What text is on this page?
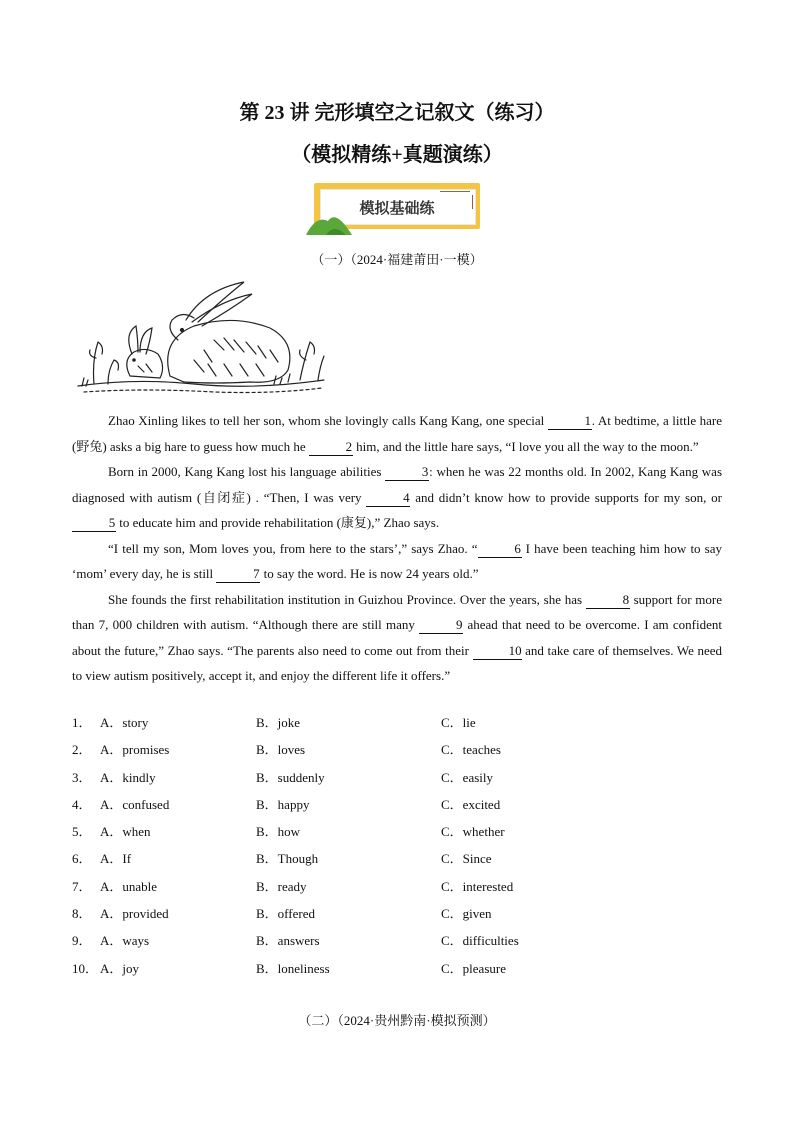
第 23 讲 完形填空之记叙文（练习）
（模拟精练+真题演练）
模拟基础练
（一）（2024·福建莆田·一模）

Zhao Xinling likes to tell her son, whom she lovingly calls Kang Kang, one special	1. At bedtime, a little hare (野兔) asks a big hare to guess how much he	2 him, and the little hare says, “I love you all the way to the moon.”

Born in 2000, Kang Kang lost his language abilities	3: when he was 22 months old. In 2002, Kang Kang was diagnosed with autism (自闭症) . “Then, I was very	4 and didn’t know how to provide supports for my son, or 5 to educate him and provide rehabilitation (康复),” Zhao says.

“I tell my son, Mom loves you, from here to the stars’,” says Zhao. “	6 I have been teaching him how to say ‘mom’ every day, he is still	7 to say the word. He is now 24 years old.”

She founds the first rehabilitation institution in Guizhou Province. Over the years, she has	8 support for more than 7, 000 children with autism. “Although there are still many	9 ahead that need to be overcome. I am confident about the future,” Zhao says. “The parents also need to come out from their	10 and take care of themselves. We need to view autism positively, accept it, and enjoy the different life it offers.”

1． A．story	B．joke	C．lie
2． A．promises	B．loves	C．teaches
3． A．kindly	B．suddenly	C．easily
4． A．confused	B．happy	C．excited
5． A．when	B．how	C．whether
6． A．If	B．Though	C．Since
7． A．unable	B．ready	C．interested
8． A．provided	B．offered	C．given
9． A．ways	B．answers	C．difficulties
10． A．joy	B．loneliness	C．pleasure
（二）（2024·贵州黔南·模拟预测）
